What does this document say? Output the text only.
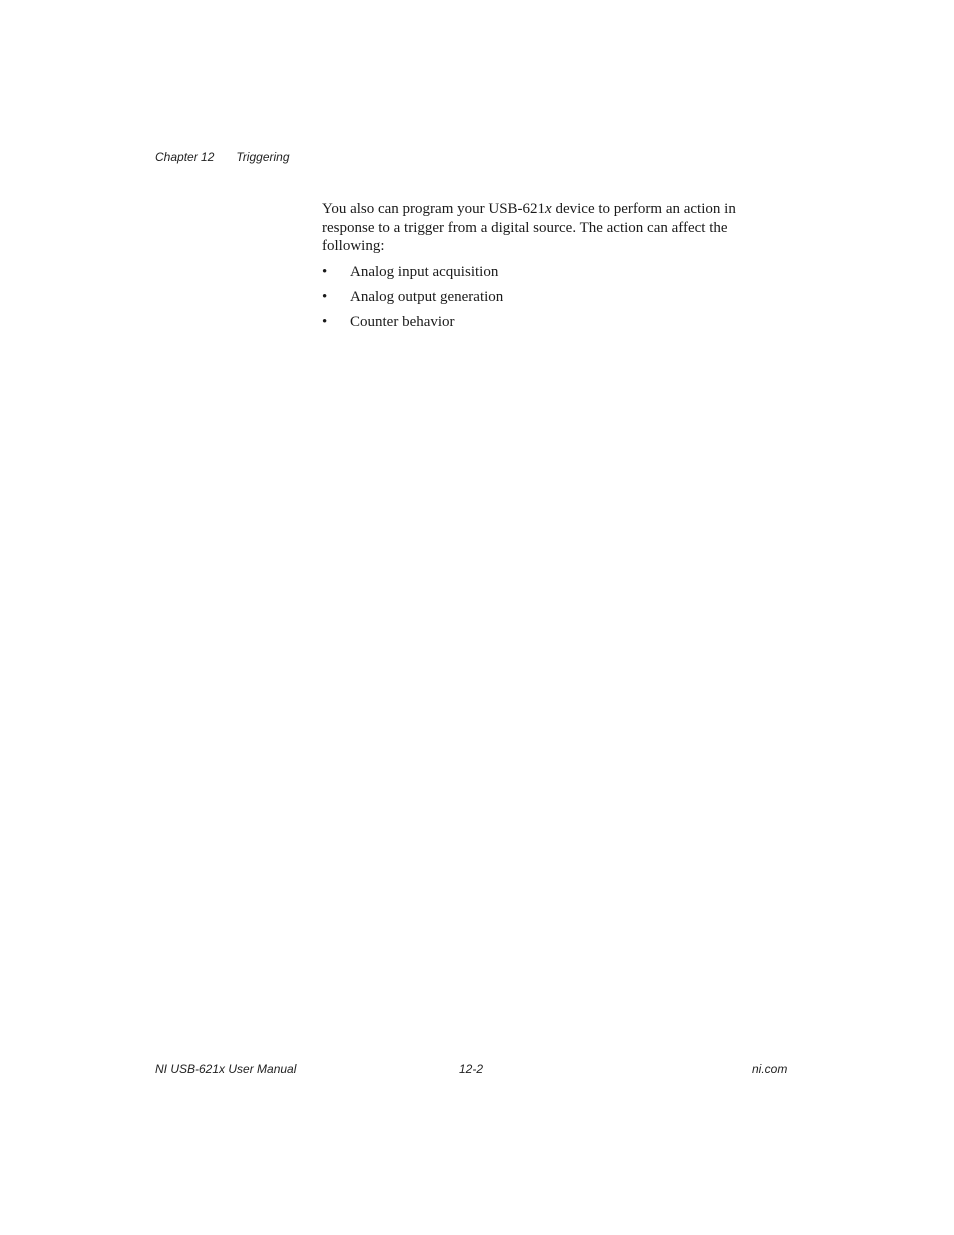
Chapter 12 Triggering

You also can program your USB-621x device to perform an action in response to a trigger from a digital source. The action can affect the following:

• Analog input acquisition
• Analog output generation
• Counter behavior
NI USB-621x User Manual	12-2	ni.com
